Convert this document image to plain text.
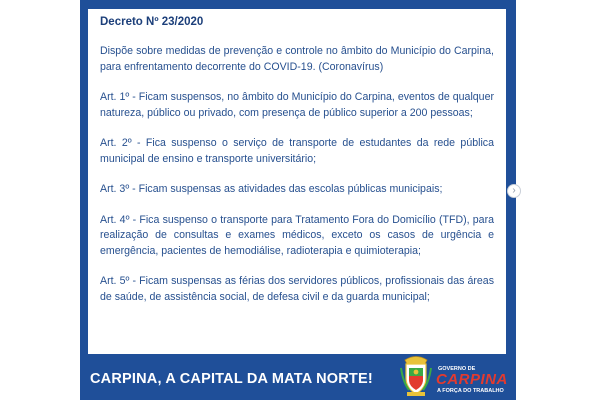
Decreto Nº 23/2020

Dispõe sobre medidas de prevenção e controle no âmbito do Município do Carpina, para enfrentamento decorrente do COVID-19. (Coronavírus)

Art. 1º - Ficam suspensos, no âmbito do Município do Carpina, eventos de qualquer natureza, público ou privado, com presença de público superior a 200 pessoas;

Art. 2º - Fica suspenso o serviço de transporte de estudantes da rede pública municipal de ensino e transporte universitário;

Art. 3º - Ficam suspensas as atividades das escolas públicas municipais;

Art. 4º - Fica suspenso o transporte para Tratamento Fora do Domicílio (TFD), para realização de consultas e exames médicos, exceto os casos de urgência e emergência, pacientes de hemodiálise, radioterapia e quimioterapia;

Art. 5º - Ficam suspensas as férias dos servidores públicos, profissionais das áreas de saúde, de assistência social, de defesa civil e da guarda municipal;

›
CARPINA, A CAPITAL DA MATA NORTE!
GOVERNO DE
CARPINA
A FORÇA DO TRABALHO
